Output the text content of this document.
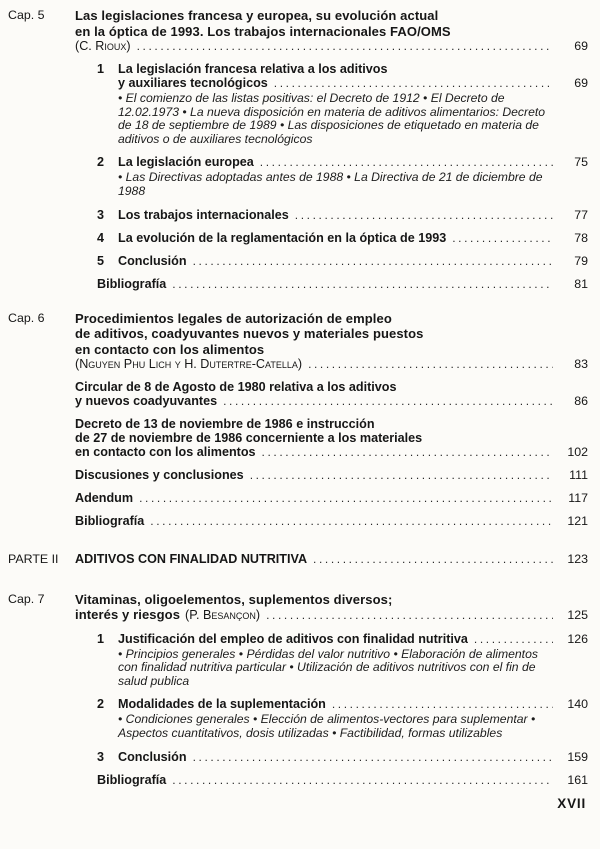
Cap. 5	Las legislaciones francesa y europea, su evolución actual
en la óptica de 1993. Los trabajos internacionales FAO/OMS
(C. Rioux) .....	69
1	La legislación francesa relativa a los aditivos
y auxiliares tecnológicos .....	69
• El comienzo de las listas positivas: el Decreto de 1912 • El Decreto de 12.02.1973 • La nueva disposición en materia de aditivos alimentarios: Decreto de 18 de septiembre de 1989 • Las disposiciones de etiquetado en materia de aditivos o de auxiliares tecnológicos
2	La legislación europea .....	75
• Las Directivas adoptadas antes de 1988 • La Directiva de 21 de diciembre de 1988
3	Los trabajos internacionales .....	77
4	La evolución de la reglamentación en la óptica de 1993 .....	78
5	Conclusión .....	79
Bibliografía .....	81
Cap. 6	Procedimientos legales de autorización de empleo
de aditivos, coadyuvantes nuevos y materiales puestos
en contacto con los alimentos
(Nguyen Phu Lich y H. Dutertre-Catella) .....	83
Circular de 8 de Agosto de 1980 relativa a los aditivos
y nuevos coadyuvantes .....	86
Decreto de 13 de noviembre de 1986 e instrucción
de 27 de noviembre de 1986 concerniente a los materiales
en contacto con los alimentos .....	102
Discusiones y conclusiones .....	111
Adendum .....	117
Bibliografía .....	121
PARTE II	ADITIVOS CON FINALIDAD NUTRITIVA .....	123
Cap. 7	Vitaminas, oligoelementos, suplementos diversos;
interés y riesgos (P. Besançon) .....	125
1	Justificación del empleo de aditivos con finalidad nutritiva .....	126
• Principios generales • Pérdidas del valor nutritivo • Elaboración de alimentos con finalidad nutritiva particular • Utilización de aditivos nutritivos con el fin de salud publica
2	Modalidades de la suplementación .....	140
• Condiciones generales • Elección de alimentos-vectores para suplementar • Aspectos cuantitativos, dosis utilizadas • Factibilidad, formas utilizables
3	Conclusión .....	159
Bibliografía .....	161
XVII
